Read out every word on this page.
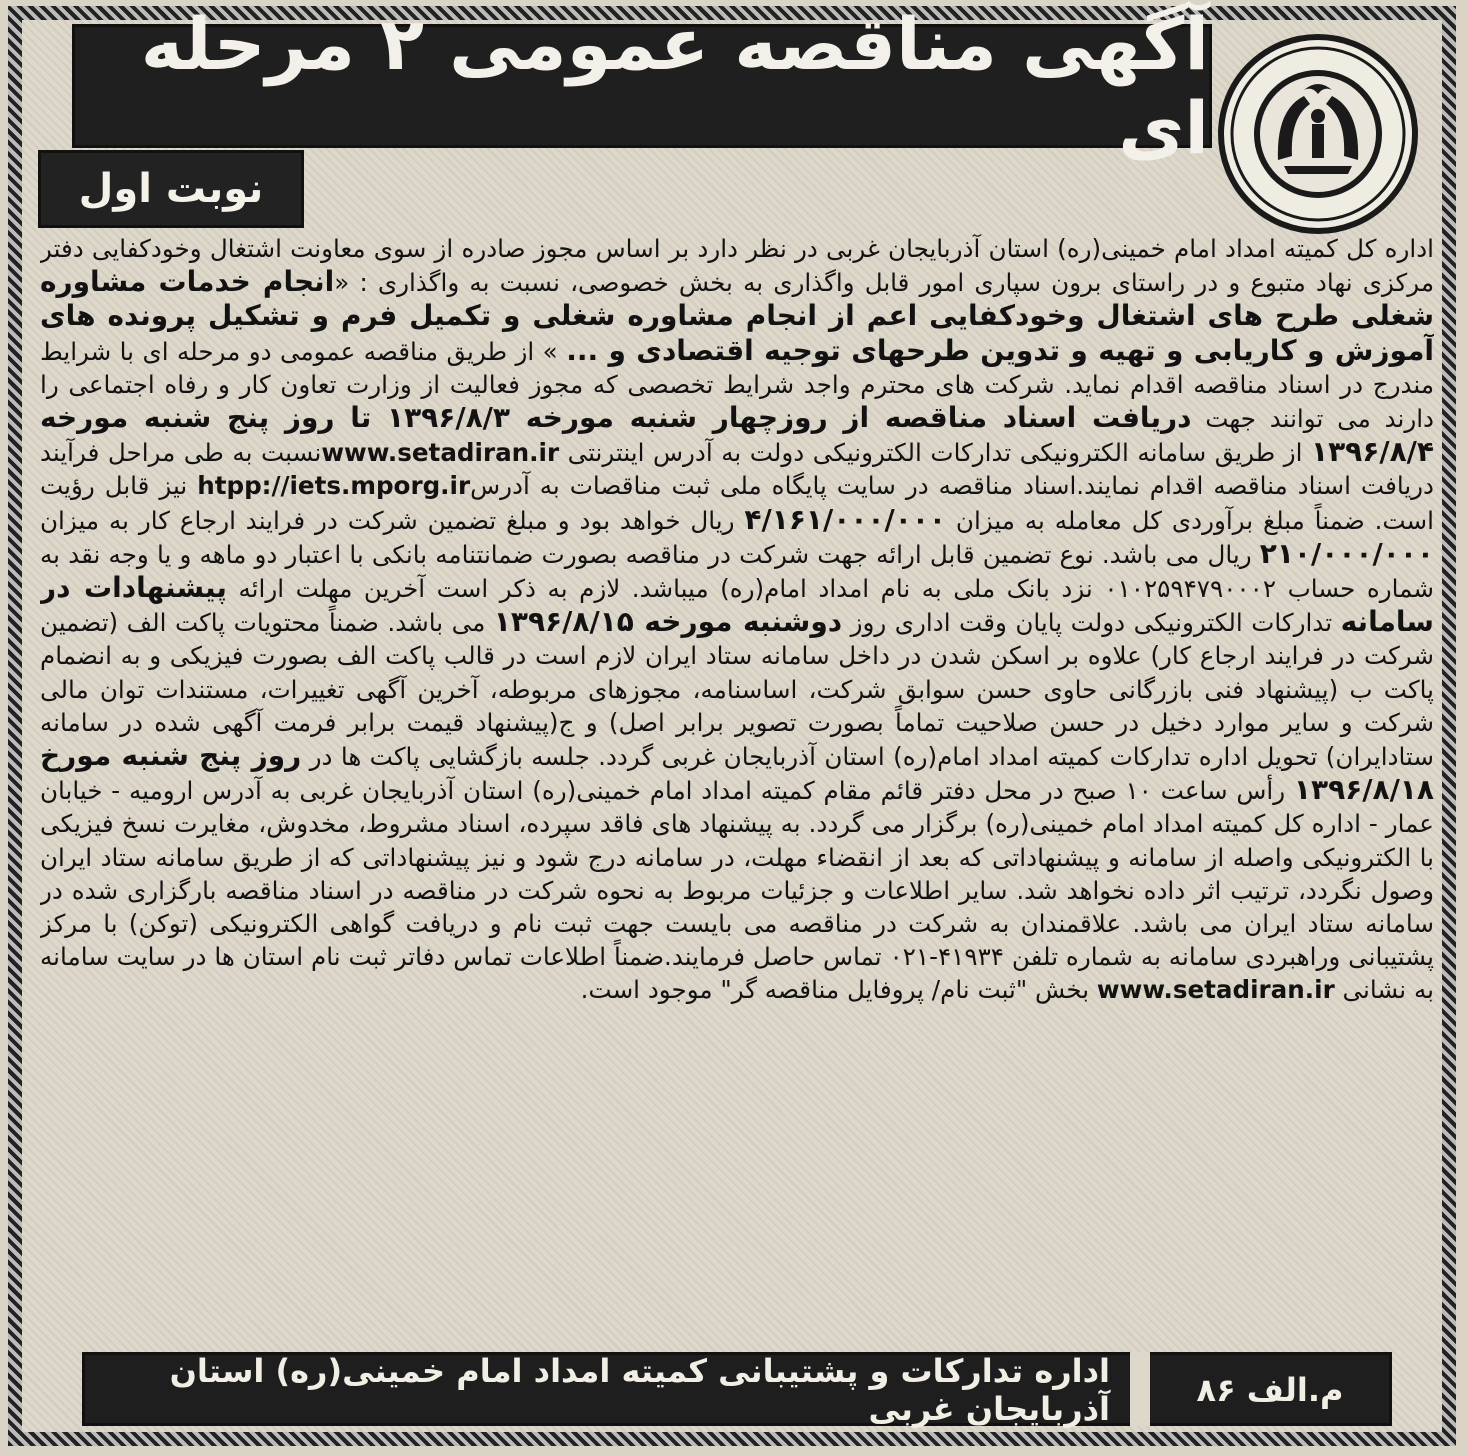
آگهی مناقصه عمومی ۲ مرحله ای
نوبت اول

اداره کل کمیته امداد امام خمینی(ره) استان آذربایجان غربی در نظر دارد بر اساس مجوز صادره از سوی معاونت اشتغال وخودکفایی دفتر مرکزی نهاد متبوع و در راستای برون سپاری امور قابل واگذاری به بخش خصوصی، نسبت به واگذاری : «انجام خدمات مشاوره شغلی طرح های اشتغال وخودکفایی اعم از انجام مشاوره شغلی و تکمیل فرم و تشکیل پرونده های آموزش و کاریابی و تهیه و تدوین طرحهای توجیه اقتصادی و ... » از طریق مناقصه عمومی دو مرحله ای با شرایط مندرج در اسناد مناقصه اقدام نماید. شرکت های محترم واجد شرایط تخصصی که مجوز فعالیت از وزارت تعاون کار و رفاه اجتماعی را دارند می توانند جهت دریافت اسناد مناقصه از روزچهار شنبه مورخه ۱۳۹۶/۸/۳ تا روز پنج شنبه مورخه ۱۳۹۶/۸/۴ از طریق سامانه الکترونیکی تدارکات الکترونیکی دولت به آدرس اینترنتی www.setadiran.irنسبت به طی مراحل فرآیند دریافت اسناد مناقصه اقدام نمایند.اسناد مناقصه در سایت پایگاه ملی ثبت مناقصات به آدرسhtpp://iets.mporg.ir نیز قابل رؤیت است. ضمناً مبلغ برآوردی کل معامله به میزان ۴/۱۶۱/۰۰۰/۰۰۰ ریال خواهد بود و مبلغ تضمین شرکت در فرایند ارجاع کار به میزان ۲۱۰/۰۰۰/۰۰۰ ریال می باشد. نوع تضمین قابل ارائه جهت شرکت در مناقصه بصورت ضمانتنامه بانکی با اعتبار دو ماهه و یا وجه نقد به شماره حساب ۰۱۰۲۵۹۴۷۹۰۰۰۲ نزد بانک ملی به نام امداد امام(ره) میباشد. لازم به ذکر است آخرین مهلت ارائه پیشنهادات در سامانه تدارکات الکترونیکی دولت پایان وقت اداری روز دوشنبه مورخه ۱۳۹۶/۸/۱۵ می باشد. ضمناً محتویات پاکت الف (تضمین شرکت در فرایند ارجاع کار) علاوه بر اسکن شدن در داخل سامانه ستاد ایران لازم است در قالب پاکت الف بصورت فیزیکی و به انضمام پاکت ب (پیشنهاد فنی بازرگانی حاوی حسن سوابق شرکت، اساسنامه، مجوزهای مربوطه، آخرین آگهی تغییرات، مستندات توان مالی شرکت و سایر موارد دخیل در حسن صلاحیت تماماً بصورت تصویر برابر اصل) و ج(پیشنهاد قیمت برابر فرمت آگهی شده در سامانه ستادایران) تحویل اداره تدارکات کمیته امداد امام(ره) استان آذربایجان غربی گردد. جلسه بازگشایی پاکت ها در روز پنج شنبه مورخ ۱۳۹۶/۸/۱۸ رأس ساعت ۱۰ صبح در محل دفتر قائم مقام کمیته امداد امام خمینی(ره) استان آذربایجان غربی به آدرس ارومیه - خیابان عمار - اداره کل کمیته امداد امام خمینی(ره) برگزار می گردد. به پیشنهاد های فاقد سپرده، اسناد مشروط، مخدوش، مغایرت نسخ فیزیکی با الکترونیکی واصله از سامانه و پیشنهاداتی که بعد از انقضاء مهلت، در سامانه درج شود و نیز پیشنهاداتی که از طریق سامانه ستاد ایران وصول نگردد، ترتیب اثر داده نخواهد شد. سایر اطلاعات و جزئیات مربوط به نحوه شرکت در مناقصه در اسناد مناقصه بارگزاری شده در سامانه ستاد ایران می باشد. علاقمندان به شرکت در مناقصه می بایست جهت ثبت نام و دریافت گواهی الکترونیکی (توکن) با مرکز پشتیبانی وراهبردی سامانه به شماره تلفن ۴۱۹۳۴-۰۲۱ تماس حاصل فرمایند.ضمناً اطلاعات تماس دفاتر ثبت نام استان ها در سایت سامانه به نشانی www.setadiran.ir بخش "ثبت نام/ پروفایل مناقصه گر" موجود است.

اداره تدارکات و پشتیبانی کمیته امداد امام خمینی(ره) استان آذربایجان غربی	م.الف ۸۶
